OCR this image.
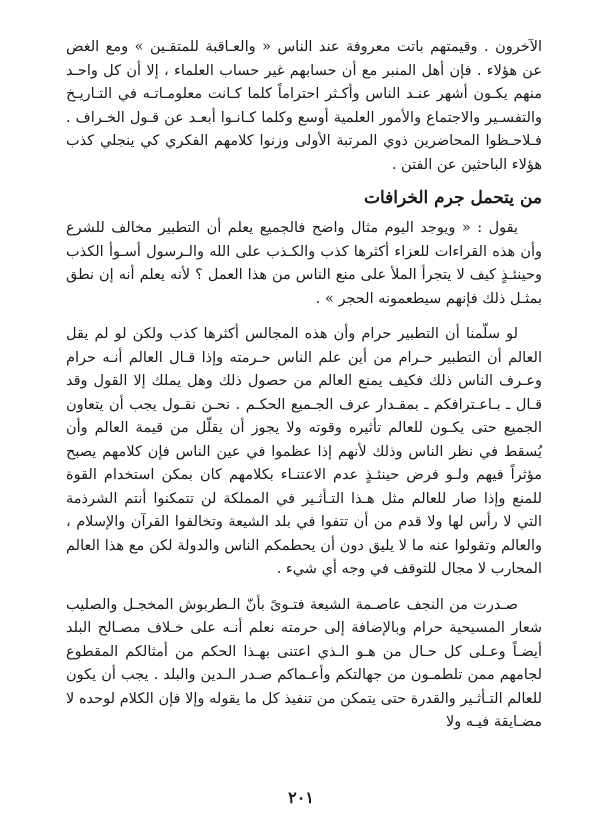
الآخرون . وقيمتهم باتت معروفة عند الناس « والعـاقبة للمتقـين » ومع الغض عن هؤلاء . فإن أهل المنبر مع أن حسابهم غير حساب العلماء ، إلا أن كل واحـد منهم يكـون أشهر عنـد الناس وأكـثر احتراماً كلما كـانت معلومـاتـه في التـاريـخ والتفسـير والاجتماع والأمور العلمية أوسع وكلما كـانـوا أبعـد عن قـول الخـراف . فـلاحـظوا المحاضرين ذوي المرتبة الأولى وزنوا كلامهم الفكري كي ينجلي كذب هؤلاء الباحثين عن الفتن .

من يتحمل جرم الخرافات

يقول : « ويوجد اليوم مثال واضح فالجميع يعلم أن التطبير مخالف للشرع وأن هذه القراءات للعزاء أكثرها كذب والكـذب على الله والـرسول أسـوأ الكذب وحينئـذٍ كيف لا يتجرأ الملأ على منع الناس من هذا العمل ؟ لأنه يعلم أنه إن نطق بمثـل ذلك فإنهم سيطعمونه الحجر » .

لو سلّمنا أن التطبير حرام وأن هذه المجالس أكثرها كذب ولكن لو لم يقل العالم أن التطبير حـرام من أين علم الناس حـرمته وإذا قـال العالم أنـه حرام وعـرف الناس ذلك فكيف يمنع العالم من حصول ذلك وهل يملك إلا القول وقد قـال ـ بـاعـترافكم ـ بمقـدار عرف الجـميع الحكـم . نحـن نقـول يجب أن يتعاون الجميع حتى يكـون للعالم تأثيره وقوته ولا يجوز أن يقلّل من قيمة العالم وأن يُسقط في نظر الناس وذلك لأنهم إذا عظموا في عين الناس فإن كلامهم يصبح مؤثراً فيهم ولـو فرض حينئـذٍ عدم الاعتنـاء بكلامهم كان بمكن استخدام القوة للمنع وإذا صار للعالم مثل هـذا التـأثـير في المملكة لن تتمكنوا أنتم الشرذمة التي لا رأس لها ولا قدم من أن تتفوا في بلد الشيعة وتخالفوا القرآن والإسلام ، والعالم وتقولوا عنه ما لا يليق دون أن يحطمكم الناس والدولة لكن مع هذا العالم المحارب لا مجال للتوقف في وجه أي شيء .

صـدرت من النجف عاصـمة الشيعة فتـوىً بأنّ الـطربوش المخجـل والصليب شعار المسيحية حرام وبالإضافة إلى حرمته نعلم أنـه على خـلاف مصـالح البلد أيضـاً وعـلى كل حـال من هـو الـذي اعتنى بهـذا الحكم من أمثالكم المقطوع لجامهم ممن تلطمـون من جهالتكم وأعـماكم صـدر الـدين والبلد . يجب أن يكون للعالم التـأثـير والقدرة حتى يتمكن من تنفيذ كل ما يقوله وإلا فإن الكلام لوحده لا مضـايقة فيـه ولا

٢٠١
